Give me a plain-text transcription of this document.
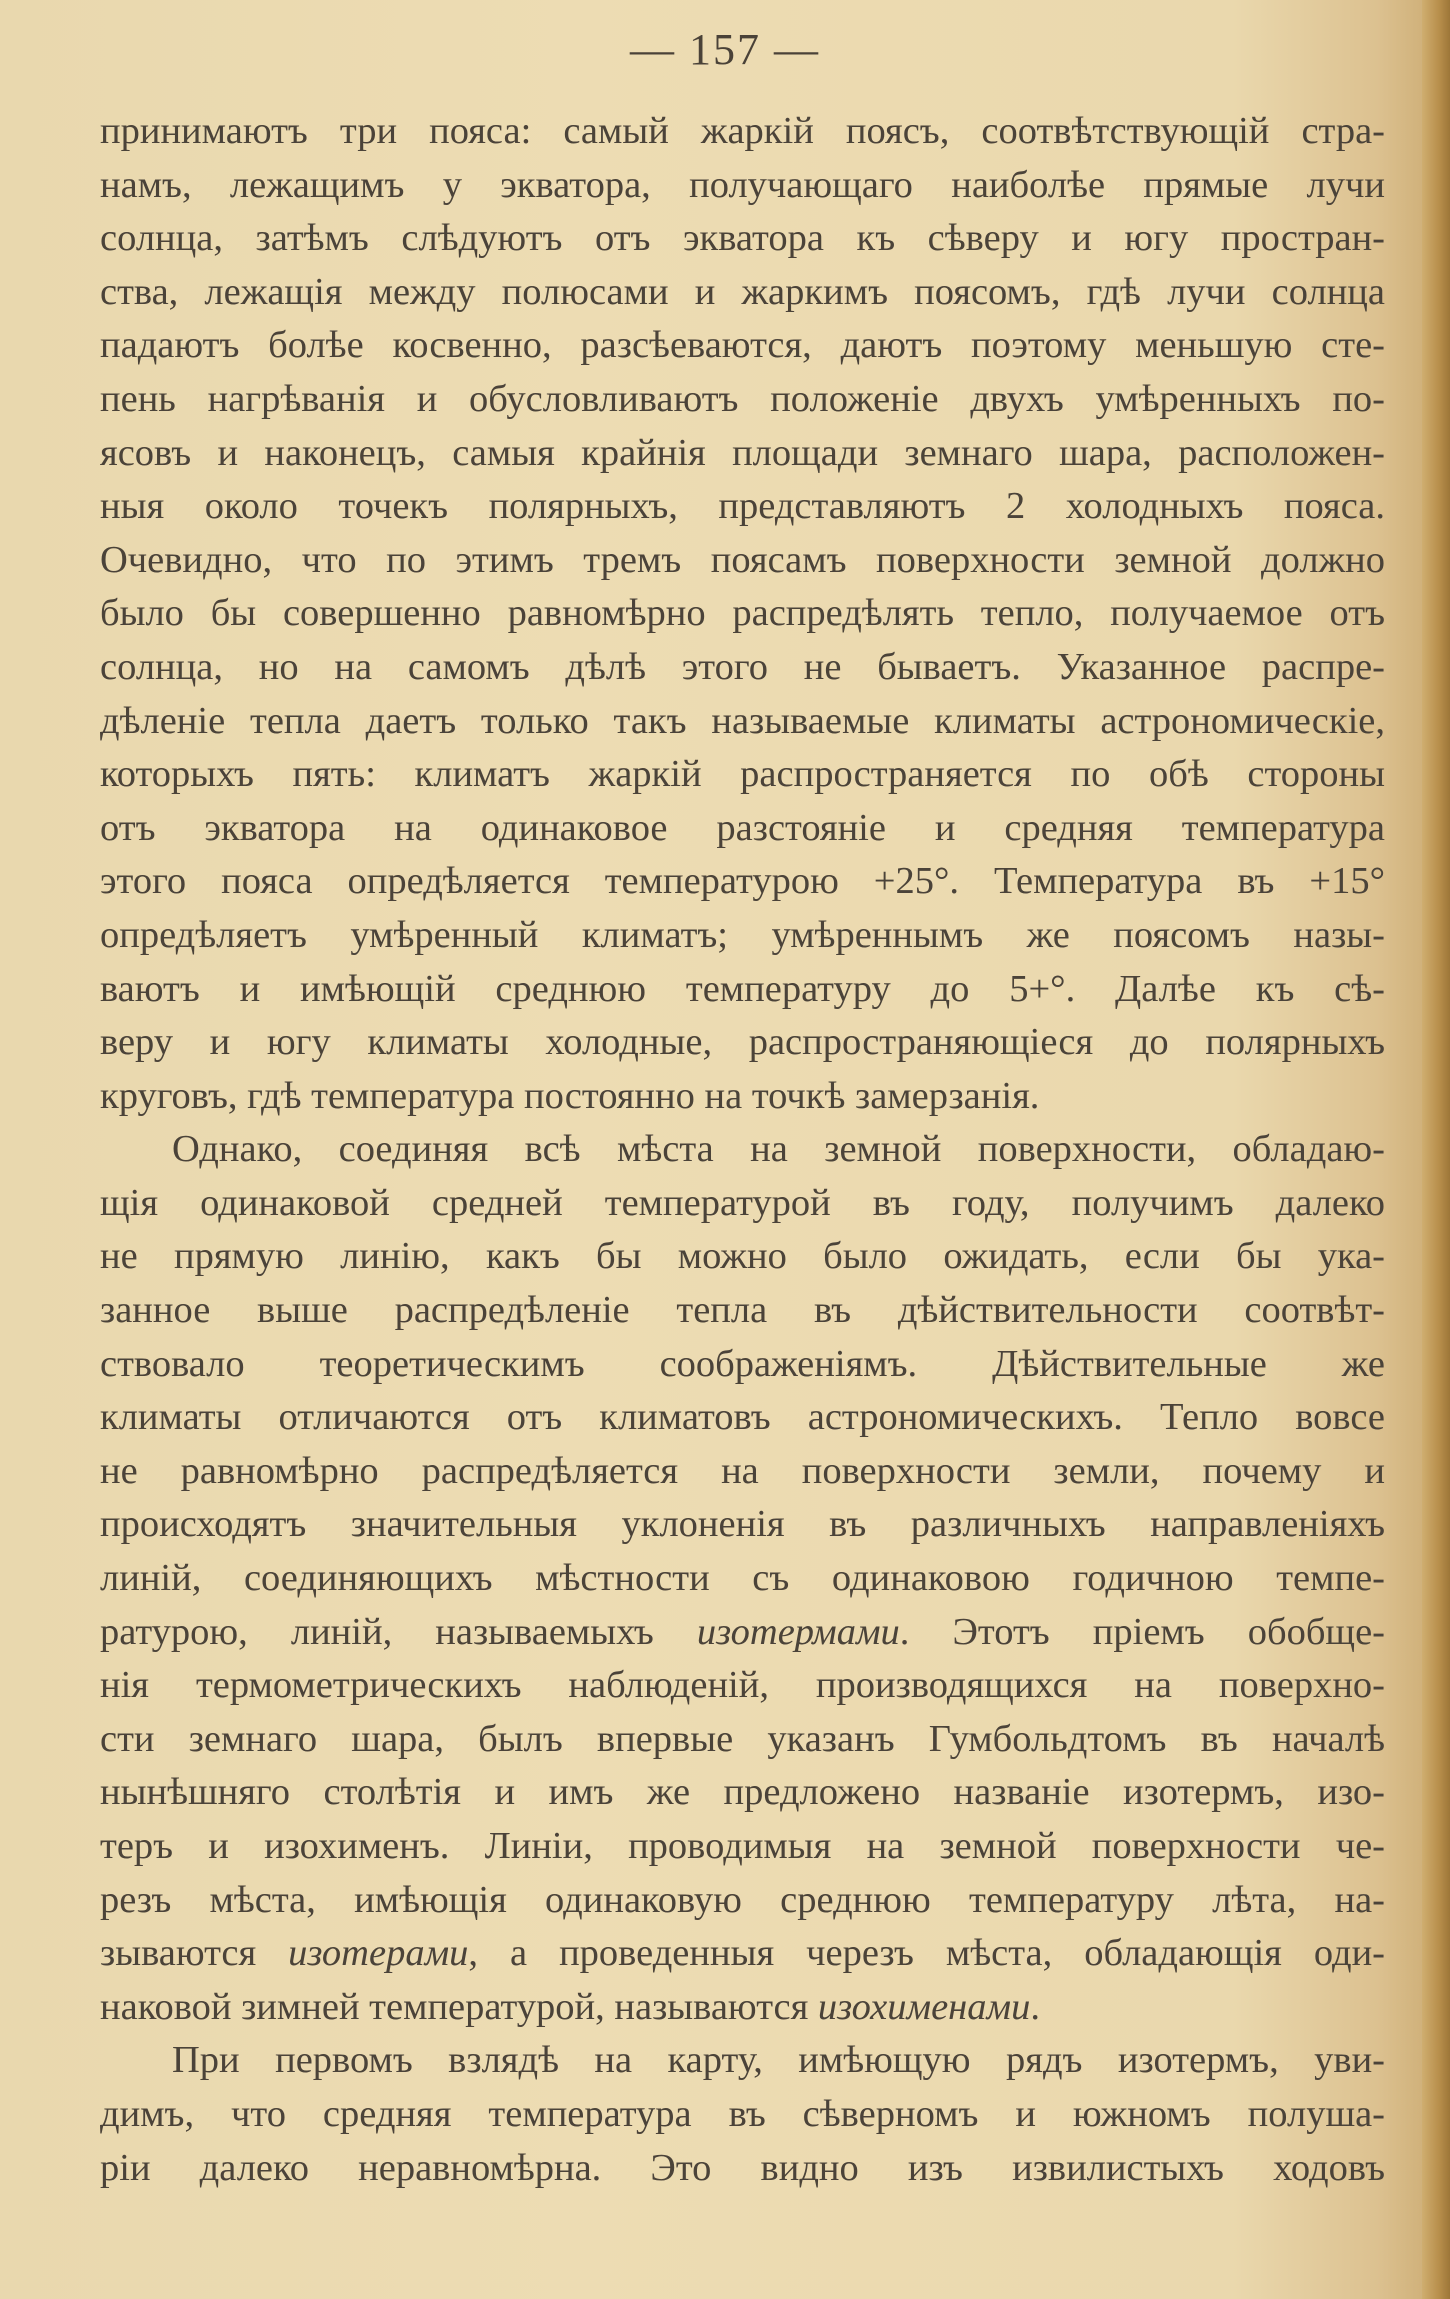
— 157 —

принимаютъ три пояса: самый жаркій поясъ, соотвѣтствующій стра-
намъ, лежащимъ у экватора, получающаго наиболѣе прямые лучи
солнца, затѣмъ слѣдуютъ отъ экватора къ сѣверу и югу простран-
ства, лежащія между полюсами и жаркимъ поясомъ, гдѣ лучи солнца
падаютъ болѣе косвенно, разсѣеваются, даютъ поэтому меньшую сте-
пень нагрѣванія и обусловливаютъ положеніе двухъ умѣренныхъ по-
ясовъ и наконецъ, самыя крайнія площади земнаго шара, расположен-
ныя около точекъ полярныхъ, представляютъ 2 холодныхъ пояса.
Очевидно, что по этимъ тремъ поясамъ поверхности земной должно
было бы совершенно равномѣрно распредѣлять тепло, получаемое отъ
солнца, но на самомъ дѣлѣ этого не бываетъ. Указанное распре-
дѣленіе тепла даетъ только такъ называемые климаты астрономическіе,
которыхъ пять: климатъ жаркій распространяется по обѣ стороны
отъ экватора на одинаковое разстояніе и средняя температура
этого пояса опредѣляется температурою +25°. Температура въ +15°
опредѣляетъ умѣренный климатъ; умѣреннымъ же поясомъ назы-
ваютъ и имѣющій среднюю температуру до 5+°. Далѣе къ сѣ-
веру и югу климаты холодные, распространяющіеся до полярныхъ
круговъ, гдѣ температура постоянно на точкѣ замерзанія.

Однако, соединяя всѣ мѣста на земной поверхности, обладаю-
щія одинаковой средней температурой въ году, получимъ далеко
не прямую линію, какъ бы можно было ожидать, если бы ука-
занное выше распредѣленіе тепла въ дѣйствительности соотвѣт-
ствовало теоретическимъ соображеніямъ. Дѣйствительные же
климаты отличаются отъ климатовъ астрономическихъ. Тепло вовсе
не равномѣрно распредѣляется на поверхности земли, почему и
происходятъ значительныя уклоненія въ различныхъ направленіяхъ
линій, соединяющихъ мѣстности съ одинаковою годичною темпе-
ратурою, линій, называемыхъ изотермами. Этотъ пріемъ обобще-
нія термометрическихъ наблюденій, производящихся на поверхно-
сти земнаго шара, былъ впервые указанъ Гумбольдтомъ въ началѣ
нынѣшняго столѣтія и имъ же предложено названіе изотермъ, изо-
теръ и изохименъ. Линіи, проводимыя на земной поверхности че-
резъ мѣста, имѣющія одинаковую среднюю температуру лѣта, на-
зываются изотерами, а проведенныя черезъ мѣста, обладающія оди-
наковой зимней температурой, называются изохименами.

При первомъ взлядѣ на карту, имѣющую рядъ изотермъ, уви-
димъ, что средняя температура въ сѣверномъ и южномъ полуша-
ріи далеко неравномѣрна. Это видно изъ извилистыхъ ходовъ
